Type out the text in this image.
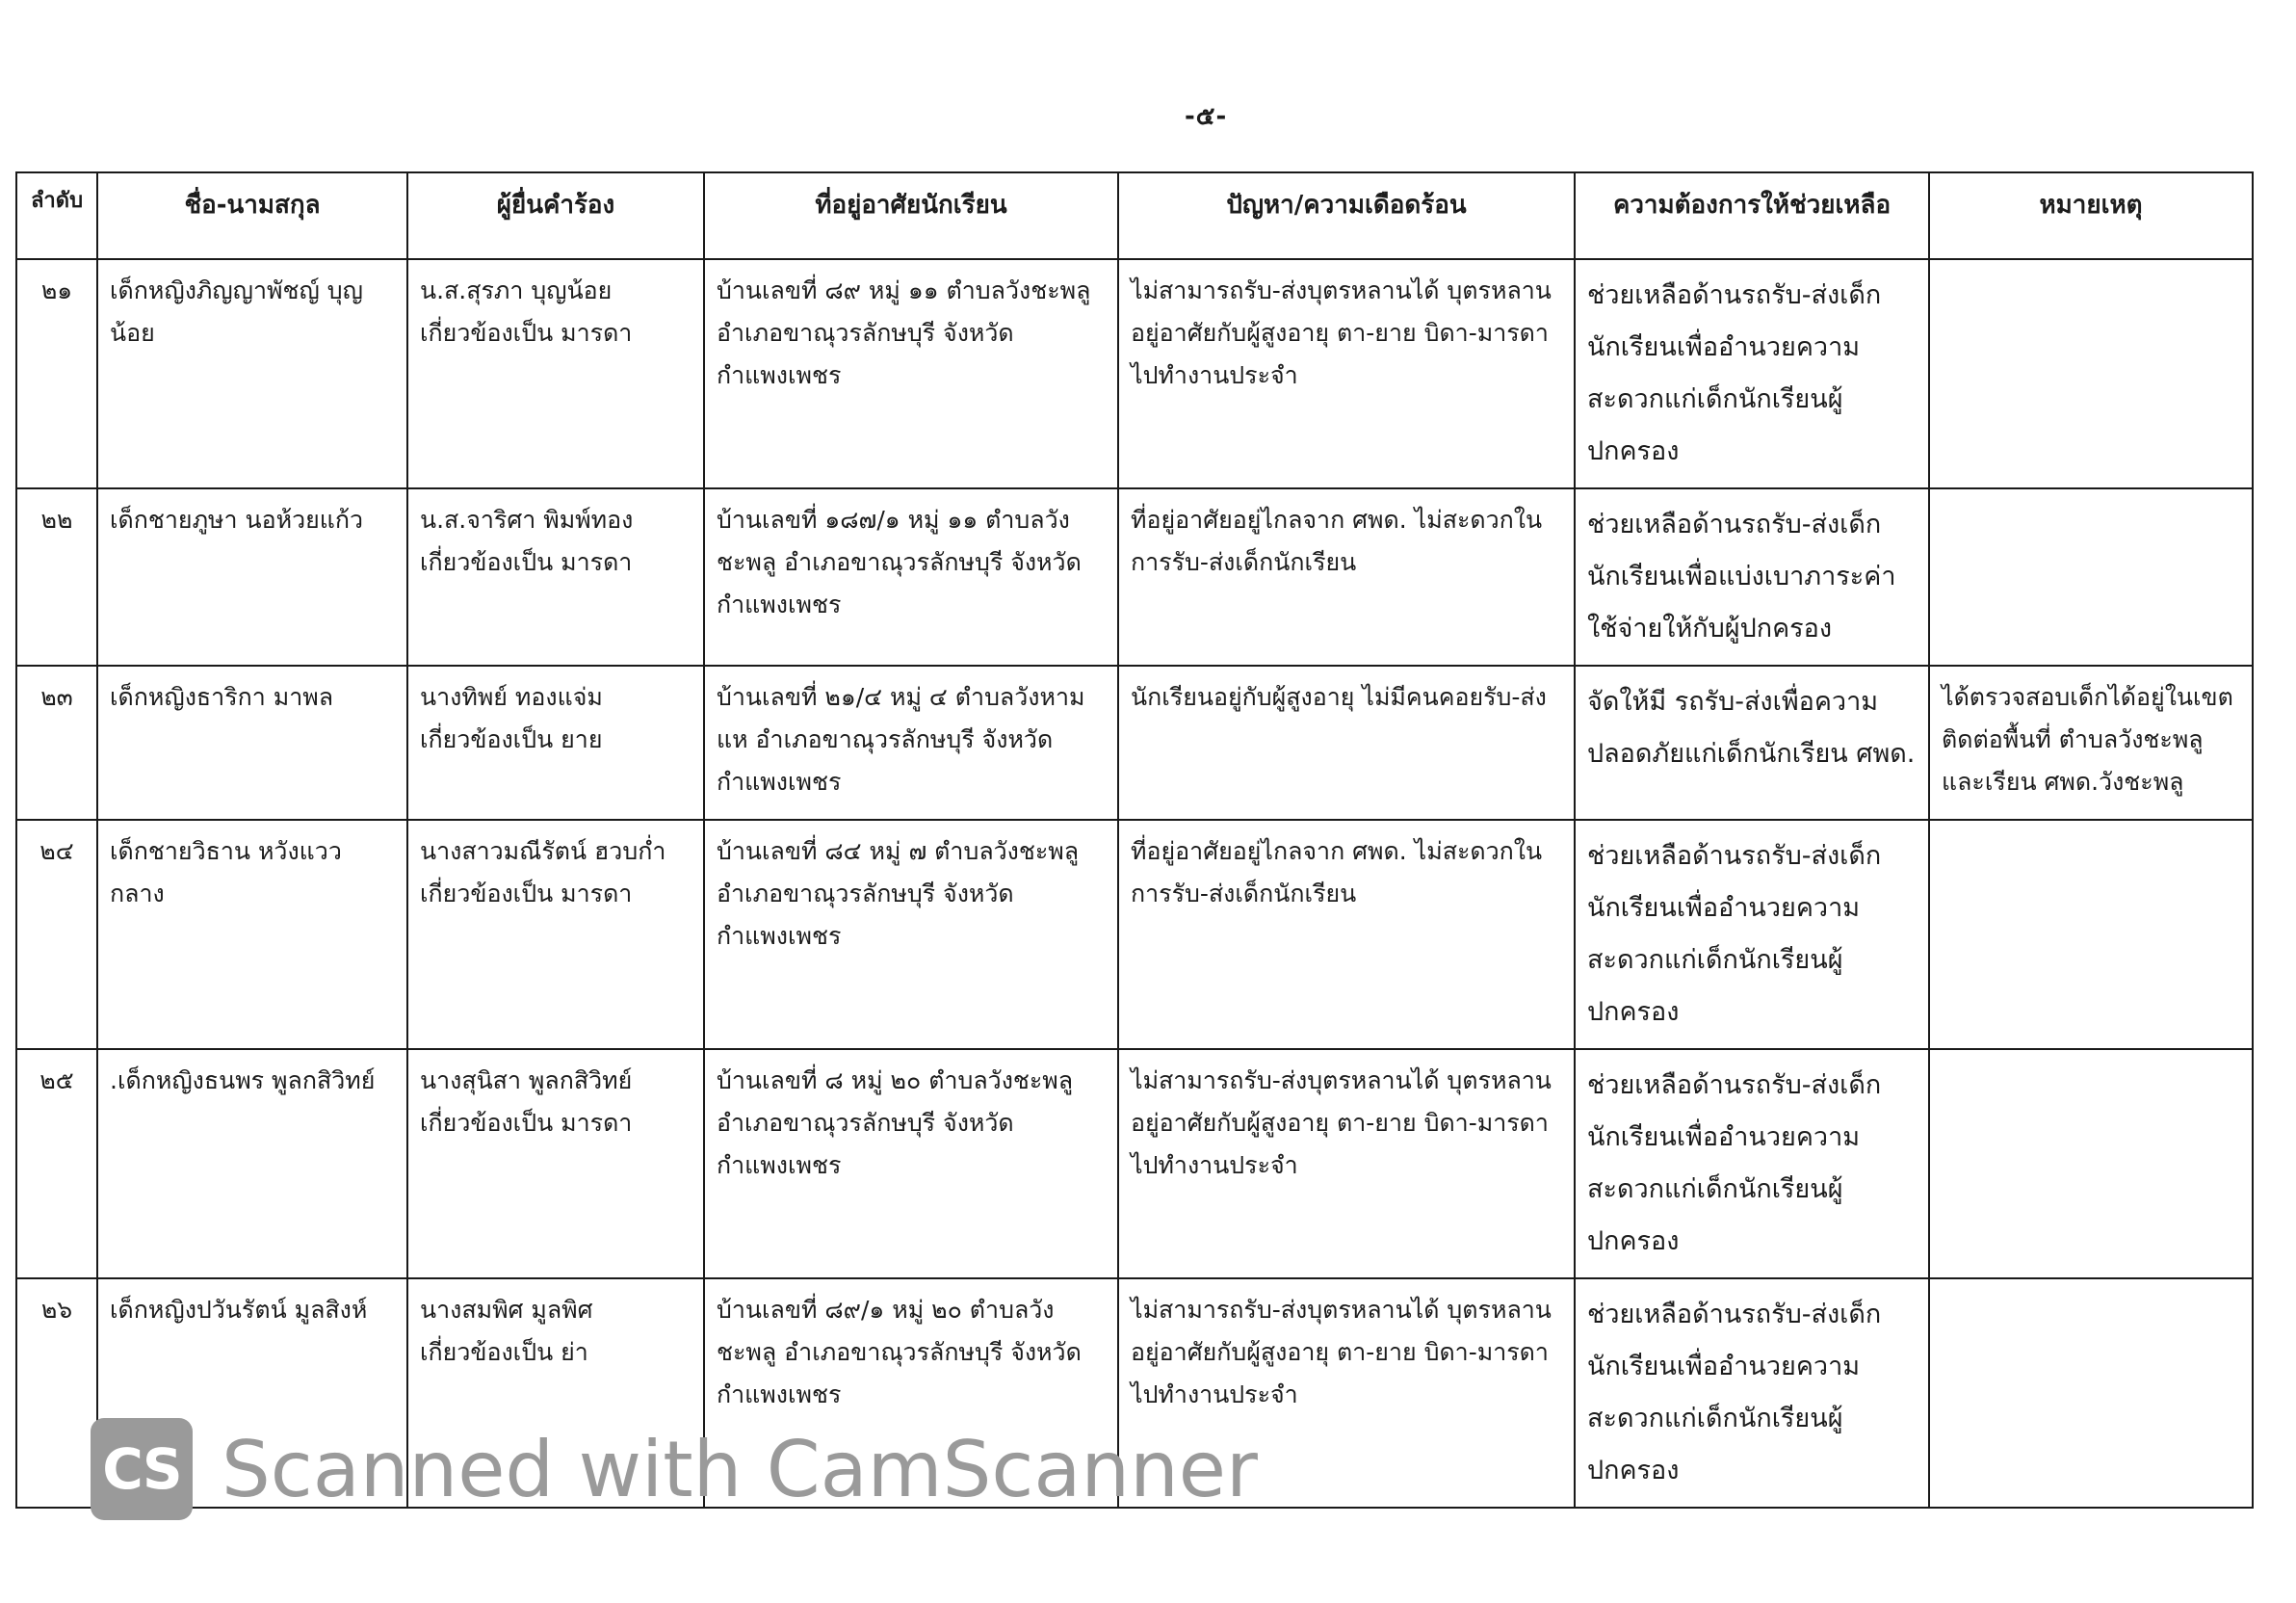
-๕-
ลำดับ	ชื่อ-นามสกุล	ผู้ยื่นคำร้อง	ที่อยู่อาศัยนักเรียน	ปัญหา/ความเดือดร้อน	ความต้องการให้ช่วยเหลือ	หมายเหตุ
๒๑	เด็กหญิงภิญญาพัชญ์ บุญน้อย	น.ส.สุรภา บุญน้อย เกี่ยวข้องเป็น มารดา	บ้านเลขที่ ๘๙ หมู่ ๑๑ ตำบลวังชะพลู อำเภอขาณุวรลักษบุรี จังหวัดกำแพงเพชร	ไม่สามารถรับ-ส่งบุตรหลานได้ บุตรหลานอยู่อาศัยกับผู้สูงอายุ ตา-ยาย บิดา-มารดาไปทำงานประจำ	ช่วยเหลือด้านรถรับ-ส่งเด็กนักเรียนเพื่ออำนวยความสะดวกแก่เด็กนักเรียนผู้ปกครอง	
๒๒	เด็กชายภูษา นอห้วยแก้ว	น.ส.จาริศา พิมพ์ทอง เกี่ยวข้องเป็น มารดา	บ้านเลขที่ ๑๘๗/๑ หมู่ ๑๑ ตำบลวังชะพลู อำเภอขาณุวรลักษบุรี จังหวัดกำแพงเพชร	ที่อยู่อาศัยอยู่ไกลจาก ศพด. ไม่สะดวกในการรับ-ส่งเด็กนักเรียน	ช่วยเหลือด้านรถรับ-ส่งเด็กนักเรียนเพื่อแบ่งเบาภาระค่าใช้จ่ายให้กับผู้ปกครอง	
๒๓	เด็กหญิงธาริกา มาพล	นางทิพย์ ทองแจ่ม เกี่ยวข้องเป็น ยาย	บ้านเลขที่ ๒๑/๔ หมู่ ๔ ตำบลวังหามแห อำเภอขาณุวรลักษบุรี จังหวัดกำแพงเพชร	นักเรียนอยู่กับผู้สูงอายุ ไม่มีคนคอยรับ-ส่ง	จัดให้มี รถรับ-ส่งเพื่อความปลอดภัยแก่เด็กนักเรียน ศพด.	ได้ตรวจสอบเด็กได้อยู่ในเขตติดต่อพื้นที่ ตำบลวังชะพลูและเรียน ศพด.วังชะพลู
๒๔	เด็กชายวิธาน หวังแววกลาง	นางสาวมณีรัตน์ ฮวบก่ำ เกี่ยวข้องเป็น มารดา	บ้านเลขที่ ๘๔ หมู่ ๗ ตำบลวังชะพลู อำเภอขาณุวรลักษบุรี จังหวัดกำแพงเพชร	ที่อยู่อาศัยอยู่ไกลจาก ศพด. ไม่สะดวกในการรับ-ส่งเด็กนักเรียน	ช่วยเหลือด้านรถรับ-ส่งเด็กนักเรียนเพื่ออำนวยความสะดวกแก่เด็กนักเรียนผู้ปกครอง	
๒๕	.เด็กหญิงธนพร พูลกสิวิทย์	นางสุนิสา พูลกสิวิทย์ เกี่ยวข้องเป็น มารดา	บ้านเลขที่ ๘ หมู่ ๒๐ ตำบลวังชะพลู อำเภอขาณุวรลักษบุรี จังหวัดกำแพงเพชร	ไม่สามารถรับ-ส่งบุตรหลานได้ บุตรหลานอยู่อาศัยกับผู้สูงอายุ ตา-ยาย บิดา-มารดาไปทำงานประจำ	ช่วยเหลือด้านรถรับ-ส่งเด็กนักเรียนเพื่ออำนวยความสะดวกแก่เด็กนักเรียนผู้ปกครอง	
๒๖	เด็กหญิงปวันรัตน์ มูลสิงห์	นางสมพิศ มูลพิศ เกี่ยวข้องเป็น ย่า	บ้านเลขที่ ๘๙/๑ หมู่ ๒๐ ตำบลวังชะพลู อำเภอขาณุวรลักษบุรี จังหวัดกำแพงเพชร	ไม่สามารถรับ-ส่งบุตรหลานได้ บุตรหลานอยู่อาศัยกับผู้สูงอายุ ตา-ยาย บิดา-มารดาไปทำงานประจำ	ช่วยเหลือด้านรถรับ-ส่งเด็กนักเรียนเพื่ออำนวยความสะดวกแก่เด็กนักเรียนผู้ปกครอง	
CS Scanned with CamScanner
